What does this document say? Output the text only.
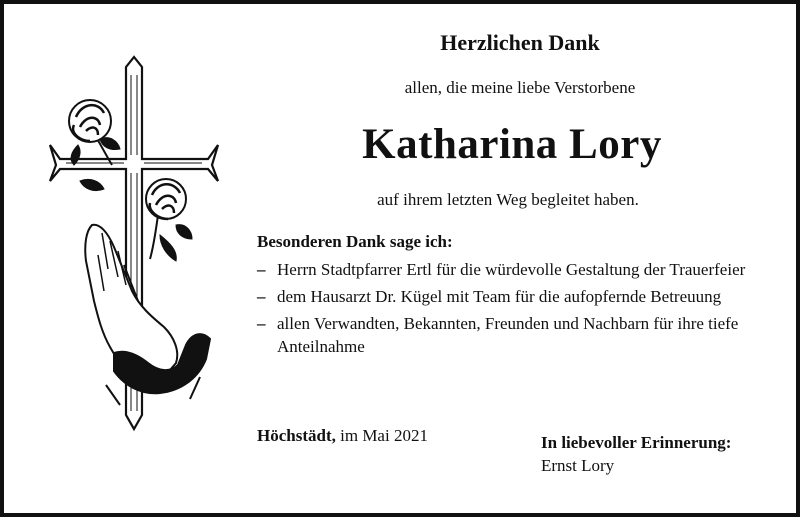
Herzlichen Dank
allen, die meine liebe Verstorbene
Katharina Lory
auf ihrem letzten Weg begleitet haben.
Besonderen Dank sage ich:
– Herrn Stadtpfarrer Ertl für die würdevolle Gestaltung der Trauerfeier
– dem Hausarzt Dr. Kügel mit Team für die aufopfernde Betreuung
– allen Verwandten, Bekannten, Freunden und Nachbarn für ihre tiefe Anteilnahme
Höchstädt, im Mai 2021	In liebevoller Erinnerung:
Ernst Lory
